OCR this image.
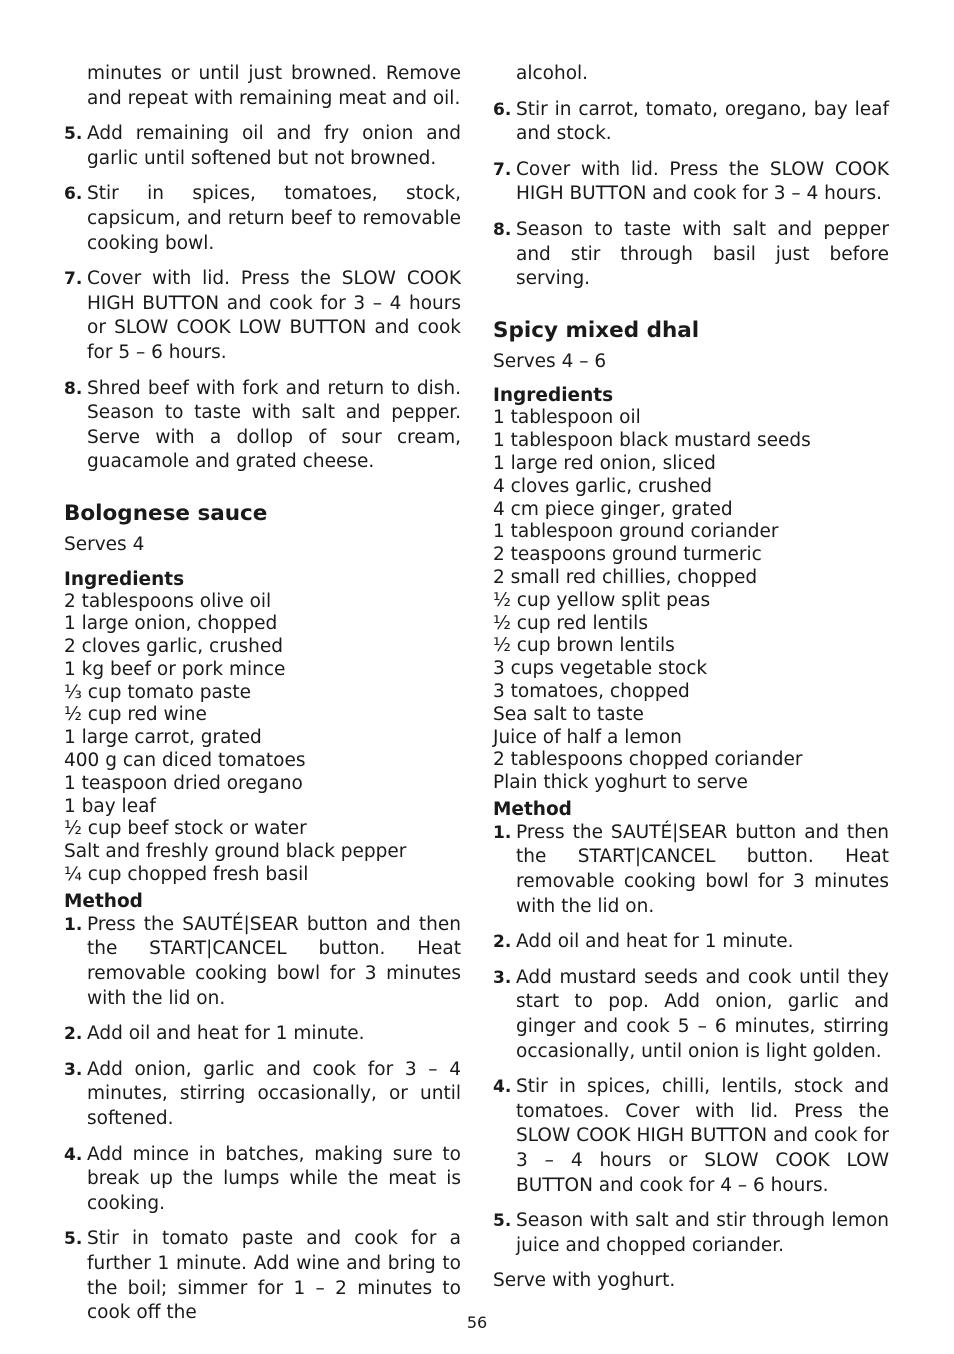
minutes or until just browned. Remove and repeat with remaining meat and oil.

5. Add remaining oil and fry onion and garlic until softened but not browned.
6. Stir in spices, tomatoes, stock, capsicum, and return beef to removable cooking bowl.
7. Cover with lid. Press the SLOW COOK HIGH BUTTON and cook for 3 – 4 hours or SLOW COOK LOW BUTTON and cook for 5 – 6 hours.
8. Shred beef with fork and return to dish. Season to taste with salt and pepper. Serve with a dollop of sour cream, guacamole and grated cheese.
Bolognese sauce

Serves 4

Ingredients

2 tablespoons olive oil
1 large onion, chopped
2 cloves garlic, crushed
1 kg beef or pork mince
⅓ cup tomato paste
½ cup red wine
1 large carrot, grated
400 g can diced tomatoes
1 teaspoon dried oregano
1 bay leaf
½ cup beef stock or water
Salt and freshly ground black pepper
¼ cup chopped fresh basil

Method

1. Press the SAUTÉ|SEAR button and then the START|CANCEL button. Heat removable cooking bowl for 3 minutes with the lid on.
2. Add oil and heat for 1 minute.
3. Add onion, garlic and cook for 3 – 4 minutes, stirring occasionally, or until softened.
4. Add mince in batches, making sure to break up the lumps while the meat is cooking.
5. Stir in tomato paste and cook for a further 1 minute. Add wine and bring to the boil; simmer for 1 – 2 minutes to cook off the

alcohol.

6. Stir in carrot, tomato, oregano, bay leaf and stock.
7. Cover with lid. Press the SLOW COOK HIGH BUTTON and cook for 3 – 4 hours.
8. Season to taste with salt and pepper and stir through basil just before serving.
Spicy mixed dhal

Serves 4 – 6

Ingredients

1 tablespoon oil
1 tablespoon black mustard seeds
1 large red onion, sliced
4 cloves garlic, crushed
4 cm piece ginger, grated
1 tablespoon ground coriander
2 teaspoons ground turmeric
2 small red chillies, chopped
½ cup yellow split peas
½ cup red lentils
½ cup brown lentils
3 cups vegetable stock
3 tomatoes, chopped
Sea salt to taste
Juice of half a lemon
2 tablespoons chopped coriander
Plain thick yoghurt to serve

Method

1. Press the SAUTÉ|SEAR button and then the START|CANCEL button. Heat removable cooking bowl for 3 minutes with the lid on.
2. Add oil and heat for 1 minute.
3. Add mustard seeds and cook until they start to pop. Add onion, garlic and ginger and cook 5 – 6 minutes, stirring occasionally, until onion is light golden.
4. Stir in spices, chilli, lentils, stock and tomatoes. Cover with lid. Press the SLOW COOK HIGH BUTTON and cook for 3 – 4 hours or SLOW COOK LOW BUTTON and cook for 4 – 6 hours.
5. Season with salt and stir through lemon juice and chopped coriander.

Serve with yoghurt.

56
